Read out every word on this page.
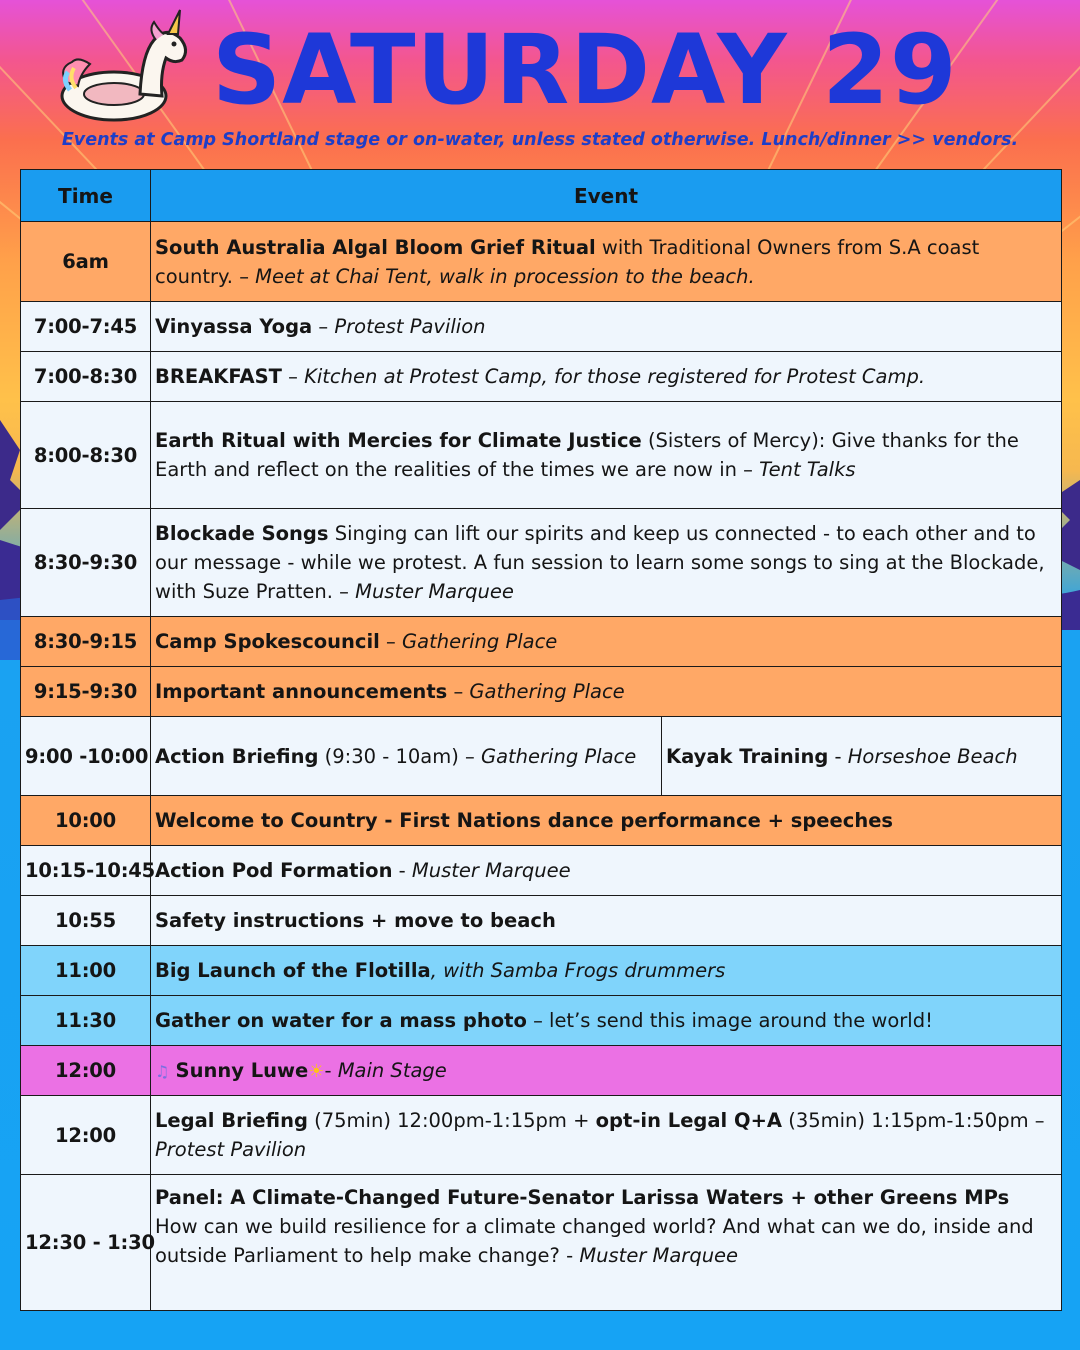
SATURDAY 29
Events at Camp Shortland stage or on-water, unless stated otherwise. Lunch/dinner >> vendors.
Time	Event	
6am	South Australia Algal Bloom Grief Ritual with Traditional Owners from S.A coast country. – Meet at Chai Tent, walk in procession to the beach.	
7:00-7:45	Vinyassa Yoga – Protest Pavilion	
7:00-8:30	BREAKFAST – Kitchen at Protest Camp, for those registered for Protest Camp.	
8:00-8:30	Earth Ritual with Mercies for Climate Justice (Sisters of Mercy): Give thanks for the Earth and reflect on the realities of the times we are now in – Tent Talks	
8:30-9:30	Blockade Songs Singing can lift our spirits and keep us connected - to each other and to our message - while we protest. A fun session to learn some songs to sing at the Blockade, with Suze Pratten. – Muster Marquee	
8:30-9:15	Camp Spokescouncil – Gathering Place	
9:15-9:30	Important announcements – Gathering Place	
9:00 -10:00	Action Briefing (9:30 - 10am) – Gathering Place	Kayak Training - Horseshoe Beach
10:00	Welcome to Country - First Nations dance performance + speeches	
10:15-10:45	Action Pod Formation - Muster Marquee	
10:55	Safety instructions + move to beach	
11:00	Big Launch of the Flotilla, with Samba Frogs drummers	
11:30	Gather on water for a mass photo – let’s send this image around the world!	
12:00	♫ Sunny Luwe☀- Main Stage	
12:00	Legal Briefing (75min) 12:00pm-1:15pm + opt-in Legal Q+A (35min) 1:15pm-1:50pm – Protest Pavilion	
12:30 - 1:30	Panel: A Climate-Changed Future-Senator Larissa Waters + other Greens MPs
How can we build resilience for a climate changed world? And what can we do, inside and outside Parliament to help make change? - Muster Marquee	
